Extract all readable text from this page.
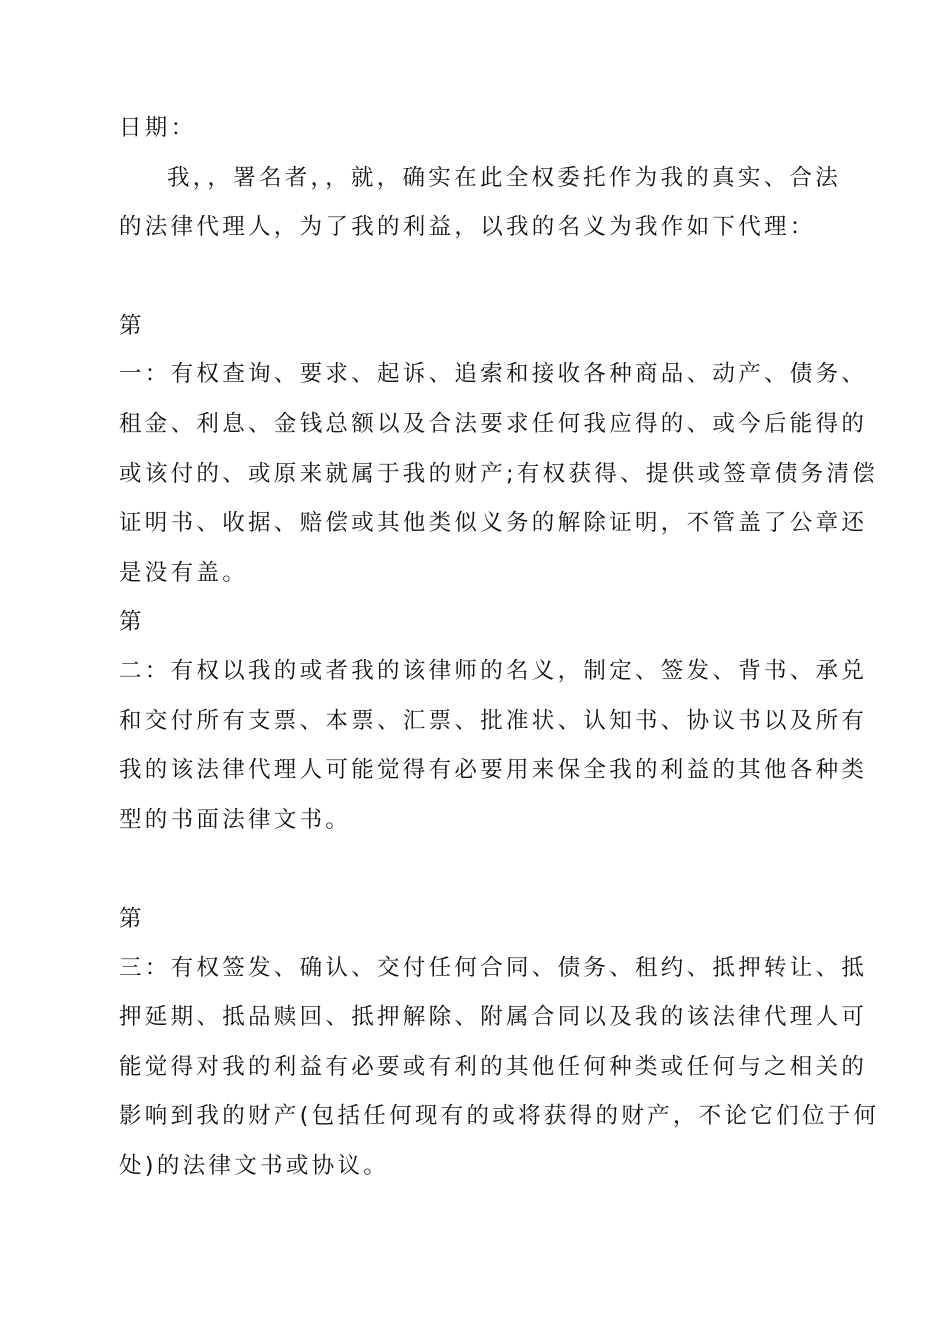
日期：
我，，署名者，，就，确实在此全权委托作为我的真实、合法
的法律代理人，为了我的利益，以我的名义为我作如下代理：
第
一：有权查询、要求、起诉、追索和接收各种商品、动产、债务、
租金、利息、金钱总额以及合法要求任何我应得的、或今后能得的
或该付的、或原来就属于我的财产;有权获得、提供或签章债务清偿
证明书、收据、赔偿或其他类似义务的解除证明，不管盖了公章还
是没有盖。
第
二：有权以我的或者我的该律师的名义，制定、签发、背书、承兑
和交付所有支票、本票、汇票、批准状、认知书、协议书以及所有
我的该法律代理人可能觉得有必要用来保全我的利益的其他各种类
型的书面法律文书。
第
三：有权签发、确认、交付任何合同、债务、租约、抵押转让、抵
押延期、抵品赎回、抵押解除、附属合同以及我的该法律代理人可
能觉得对我的利益有必要或有利的其他任何种类或任何与之相关的
影响到我的财产(包括任何现有的或将获得的财产，不论它们位于何
处)的法律文书或协议。
